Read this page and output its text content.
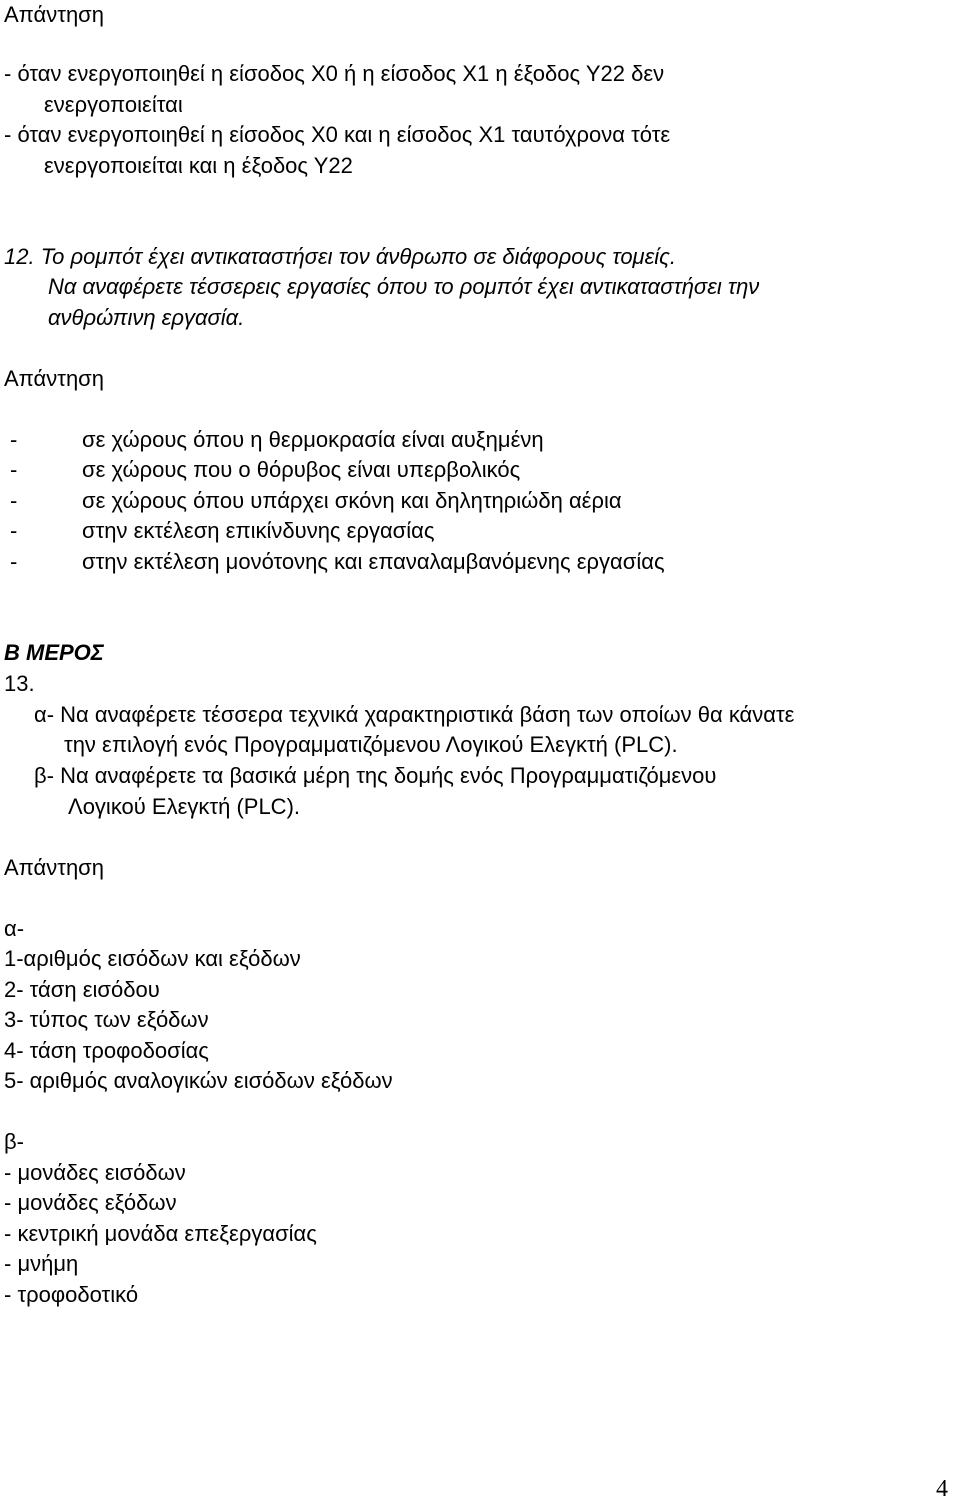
Απάντηση
- όταν ενεργοποιηθεί η είσοδος Χ0 ή η είσοδος Χ1 η έξοδος Υ22 δεν
ενεργοποιείται
- όταν ενεργοποιηθεί η είσοδος Χ0 και η είσοδος Χ1 ταυτόχρονα τότε
ενεργοποιείται και η έξοδος Υ22
12. Το ρομπότ έχει αντικαταστήσει τον άνθρωπο σε διάφορους τομείς.
Να αναφέρετε τέσσερεις εργασίες όπου το ρομπότ έχει αντικαταστήσει την
ανθρώπινη εργασία.
Απάντηση
-	σε χώρους όπου η θερμοκρασία είναι αυξημένη
-	σε χώρους που ο θόρυβος είναι υπερβολικός
-	σε χώρους όπου υπάρχει σκόνη και δηλητηριώδη αέρια
-	στην εκτέλεση επικίνδυνης εργασίας
-	στην εκτέλεση μονότονης και επαναλαμβανόμενης εργασίας
Β ΜΕΡΟΣ
13.
α- Να αναφέρετε τέσσερα τεχνικά χαρακτηριστικά βάση των οποίων θα κάνατε
την επιλογή ενός Προγραμματιζόμενου Λογικού Ελεγκτή (PLC).
β- Να αναφέρετε τα βασικά μέρη της δομής ενός Προγραμματιζόμενου
Λογικού Ελεγκτή (PLC).
Απάντηση
α-
1-αριθμός εισόδων και εξόδων
2- τάση εισόδου
3- τύπος των εξόδων
4- τάση τροφοδοσίας
5- αριθμός αναλογικών εισόδων εξόδων
β-
- μονάδες εισόδων
- μονάδες εξόδων
- κεντρική μονάδα επεξεργασίας
- μνήμη
- τροφοδοτικό
4
